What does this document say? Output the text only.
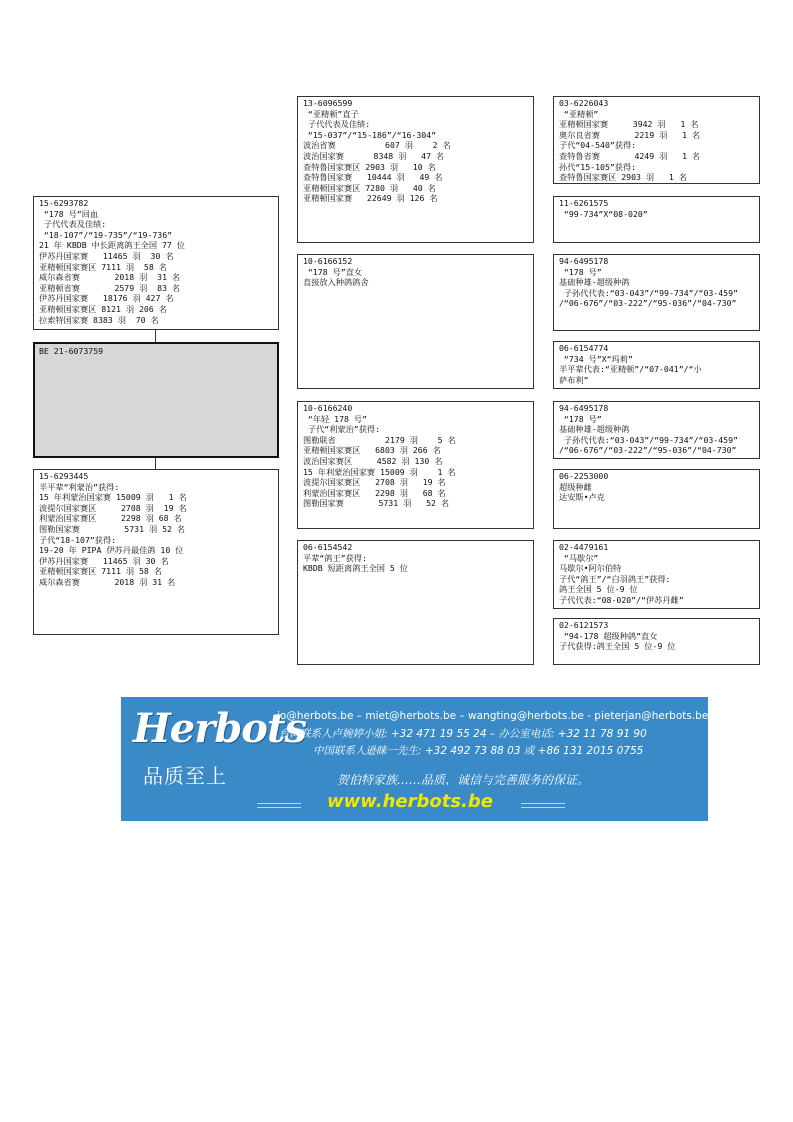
BE 21-6073759
15-6293782
“178 号”回血
子代代表及佳绩:
“18-107”/“19-735”/“19-736”
21 年 KBDB 中长距离鸽王全国 77 位
伊苏丹国家赛   11465 羽  30 名
亚精顿国家赛区 7111 羽  58 名
威尔森省赛       2018 羽  31 名
亚精顿省赛       2579 羽  83 名
伊苏丹国家赛   18176 羽 427 名
亚精顿国家赛区 8121 羽 206 名
拉索特国家赛 8383 羽  70 名
15-6293445
半平辈“利蒙治”获得:
15 年利蒙治国家赛 15009 羽   1 名
波提尔国家赛区     2708 羽  19 名
利蒙治国家赛区     2298 羽 68 名
图勒国家赛         5731 羽 52 名
子代“18-107”获得:
19-20 年 PIPA 伊苏丹最佳鸽 10 位
伊苏丹国家赛   11465 羽 30 名
亚精顿国家赛区 7111 羽 58 名
威尔森省赛       2018 羽 31 名
13-6096599
“亚精顿”直子
子代代表及佳绩:
“15-037”/“15-186”/“16-304”
波治省赛          607 羽    2 名
波治国家赛      8348 羽   47 名
查特鲁国家赛区 2903 羽   10 名
查特鲁国家赛   10444 羽   49 名
亚精顿国家赛区 7280 羽   40 名
亚精顿国家赛   22649 羽 126 名
10-6166152
“178 号”直女
直接放入种鸽鸽舍
10-6166240
“年轻 178 号”
子代“利蒙治”获得:
图勒联省          2179 羽    5 名
亚精顿国家赛区   6803 羽 266 名
波治国家赛区     4582 羽 130 名
15 年利蒙治国家赛 15009 羽    1 名
波提尔国家赛区   2708 羽   19 名
利蒙治国家赛区   2298 羽   68 名
图勒国家赛       5731 羽   52 名
06-6154542
平辈“鸽王”获得:
KBDB 短距离鸽王全国 5 位
03-6226043
“亚精顿”
亚精顿国家赛     3942 羽   1 名
奥尔良省赛       2219 羽   1 名
子代“04-540”获得:
查特鲁省赛       4249 羽   1 名
孙代“15-105”获得:
查特鲁国家赛区 2903 羽   1 名
11-6261575
“99-734”X“08-020”
94-6495178
“178 号”
基础种雄-超级种鸽
子孙代代表:“03-043”/“99-734”/“03-459”
/“06-676”/“03-222”/“95-036”/“04-730”
06-6154774
“734 号”X“玛莉”
半平辈代表:“亚精顿”/“07-041”/“小
萨布利”
94-6495178
“178 号”
基础种雄-超级种鸽
子孙代代表:“03-043”/“99-734”/“03-459”
/“06-676”/“03-222”/“95-036”/“04-730”
06-2253000
超级种雌
达安斯•卢克
02-4479161
“马歇尔”
马歇尔•阿尔伯特
子代“鸽王”/“白羽鸽王”获得:
鸽王全国 5 位-9 位
子代代表:“08-020”/“伊苏丹雌”
02-6121573
“94-178 超级种鸽”直女
子代获得:鸽王全国 5 位-9 位
Herbots
品质至上
jo@herbots.be – miet@herbots.be – wangting@herbots.be - pieterjan@herbots.be
台湾联系人卢婉婷小姐: +32 471 19 55 24 – 办公室电话: +32 11 78 91 90
中国联系人逊睐一先生: +32 492 73 88 03 或 +86 131 2015 0755
贺伯特家族……品质、诚信与完善服务的保证。
www.herbots.be
